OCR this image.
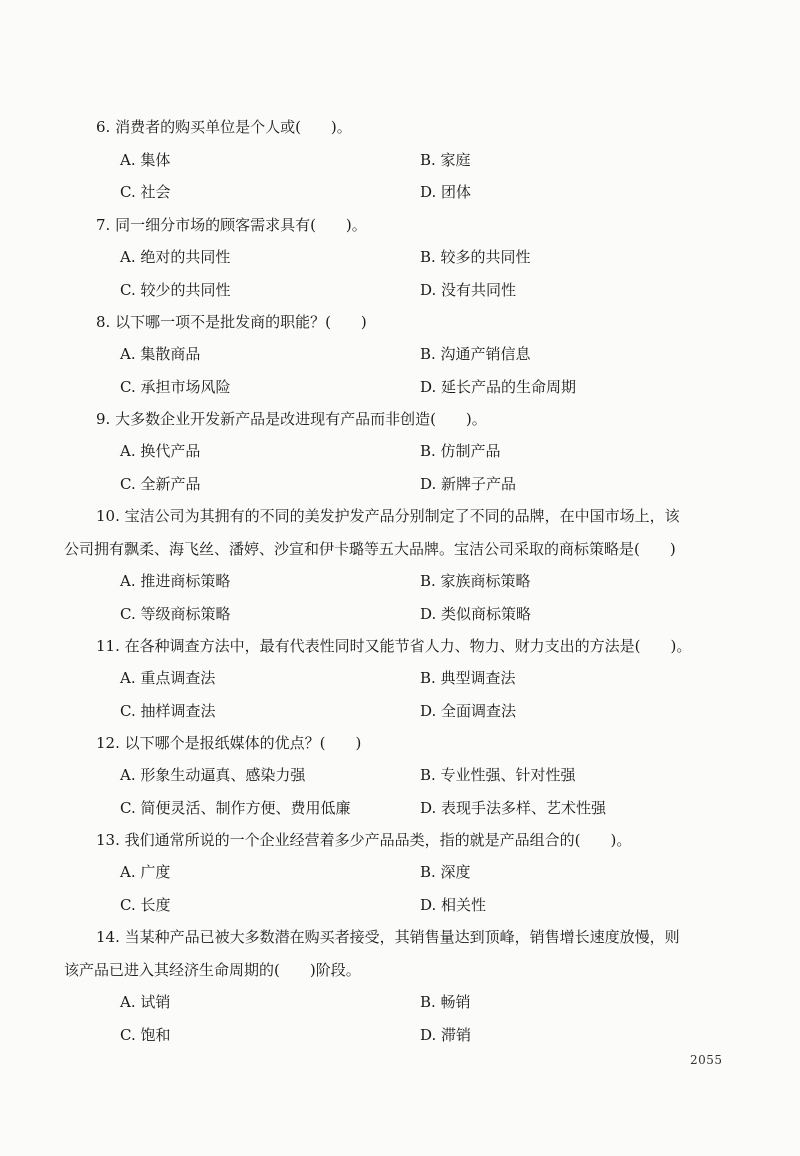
6. 消费者的购买单位是个人或(　　)。
A. 集体	B. 家庭
C. 社会	D. 团体
7. 同一细分市场的顾客需求具有(　　)。
A. 绝对的共同性	B. 较多的共同性
C. 较少的共同性	D. 没有共同性
8. 以下哪一项不是批发商的职能？(　　)
A. 集散商品	B. 沟通产销信息
C. 承担市场风险	D. 延长产品的生命周期
9. 大多数企业开发新产品是改进现有产品而非创造(　　)。
A. 换代产品	B. 仿制产品
C. 全新产品	D. 新牌子产品
10. 宝洁公司为其拥有的不同的美发护发产品分别制定了不同的品牌，在中国市场上，该
公司拥有飘柔、海飞丝、潘婷、沙宣和伊卡璐等五大品牌。宝洁公司采取的商标策略是(　　)
A. 推进商标策略	B. 家族商标策略
C. 等级商标策略	D. 类似商标策略
11. 在各种调查方法中，最有代表性同时又能节省人力、物力、财力支出的方法是(　　)。
A. 重点调查法	B. 典型调查法
C. 抽样调查法	D. 全面调查法
12. 以下哪个是报纸媒体的优点？(　　)
A. 形象生动逼真、感染力强	B. 专业性强、针对性强
C. 简便灵活、制作方便、费用低廉	D. 表现手法多样、艺术性强
13. 我们通常所说的一个企业经营着多少产品品类，指的就是产品组合的(　　)。
A. 广度	B. 深度
C. 长度	D. 相关性
14. 当某种产品已被大多数潜在购买者接受，其销售量达到顶峰，销售增长速度放慢，则
该产品已进入其经济生命周期的(　　)阶段。
A. 试销	B. 畅销
C. 饱和	D. 滞销
2055
